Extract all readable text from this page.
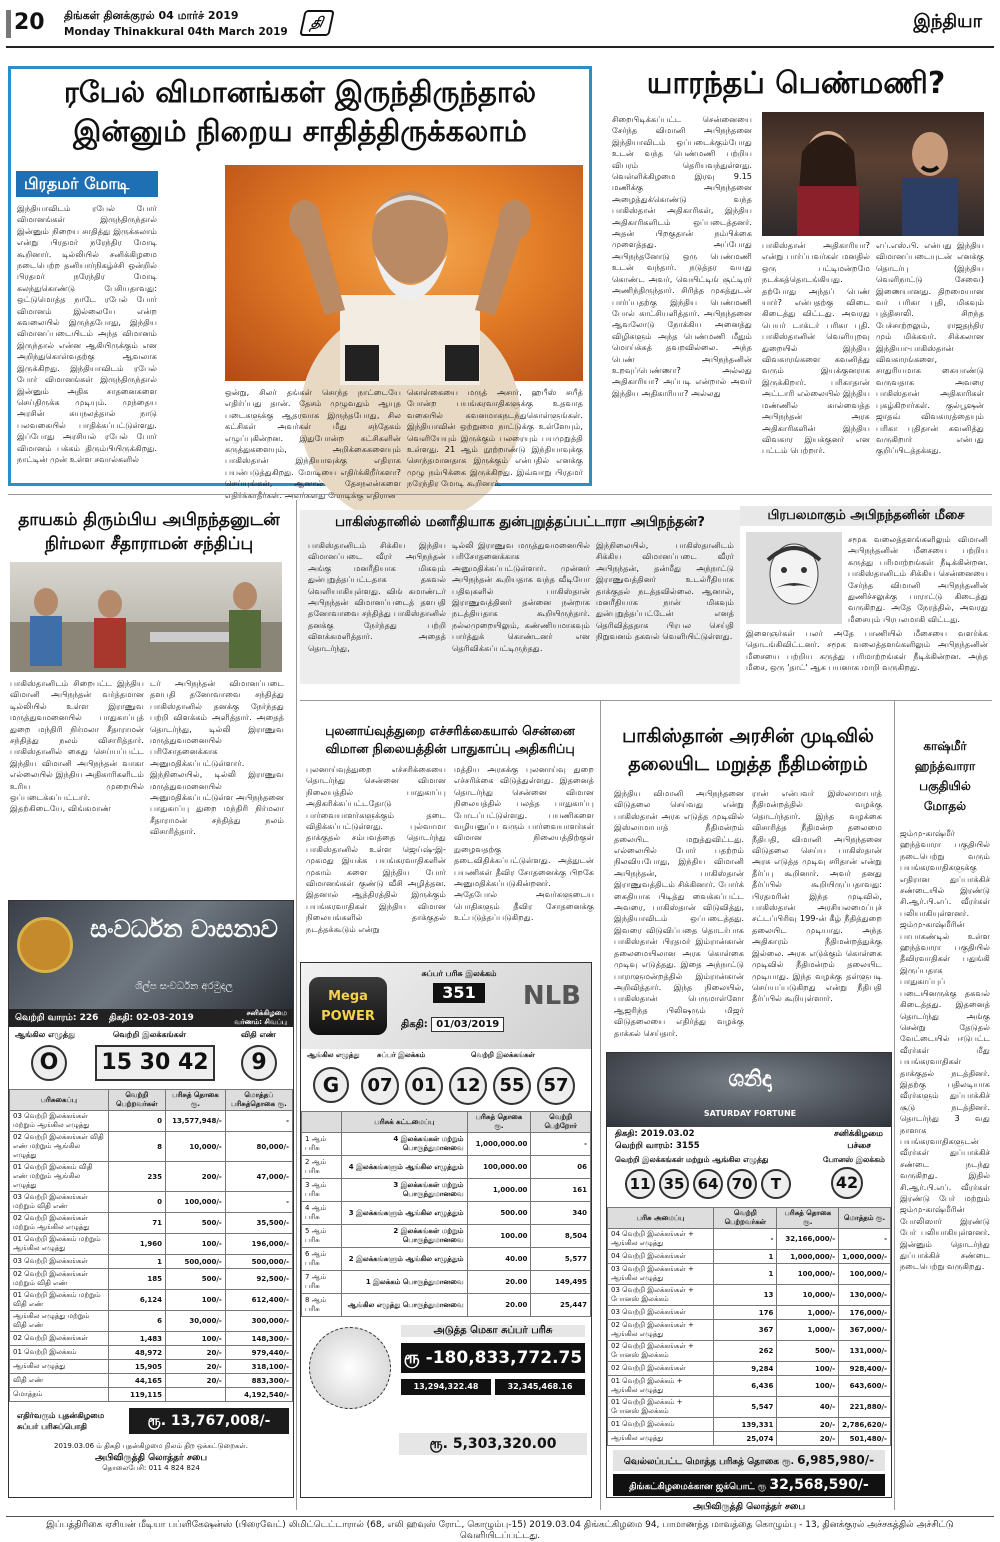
20 திங்கள் தினக்குரல் 04 மார்ச் 2019
Monday Thinakkural 04th March 2019
தி	இந்தியா
ரபேல் விமானங்கள் இருந்திருந்தால்
இன்னும் நிறைய சாதித்திருக்கலாம்
பிரதமர் மோடி
இந்தியாவிடம் ரபேல் போர் விமானங்கள் இருந்திருந்தால் இன்னும் நிறைய சாதித்து இருக்கலாம் என்று பிரதமர் நரேந்திர மோடி கூறினார். டில்லியில் சனிக்கிழமை நடைபெற்ற தனியார்நிகழ்ச்சி ஒன்றில் பிரதமர் நரேந்திர மோடி கலந்துகொண்டு பேசியதாவது: ஒட்டுமொத்த நாடே ரபேல் போர் விமானம் இல்லையே என்ற கவலையில் இருந்தபோது, இந்திய விமானப்படையிடம் அந்த விமானம் இருந்தால் என்ன ஆகியிருக்கும் என அறிந்துகொள்வதற்கு ஆவலாக இருக்கிறது. இந்தியாவிடம் ரபேல் போர் விமானங்கள் இருந்திருந்தால் இன்னும் அதிக சாதனைகளை செய்திருக்க முடியும். முந்தைய அரசின் சுயநலத்தால் நாடு பலவகையில் பாதிக்கப்பட்டுள்ளது. இப்போது அரசியல் ரபேல் போர் விமானம் பக்கம் திரும்பியிருக்கிறது. நாட்டின் முன் உள்ள சவால்களில்
ஒன்று, சிலர் தங்கள் சொந்த நாட்டையே எதிர்ப்பது தான். தேசம் முழுவதும் ஆயுத படைகளுக்கு ஆதரவாக இருந்தபோது, சில கட்சிகள் அவர்கள் மீது சந்தேகம் எழுப்புகின்றன. இதுபோன்ற கட்சிகளின் கருத்துகளையும், அறிக்கைகளையும் பாகிஸ்தான் இந்தியாவுக்கு எதிராக பயன்படுத்துகிறது. மோடியை எதிர்க்கிறீர்களா? செய்யுங்கள், ஆனால் தேசநலன்களை
கொள்கையை மருத் அசார், ஹபீஸ் சயீத் போன்ற பயங்கரவாதிகளுக்கு உதவாத வகையில் கவனமாகநடந்துகொள்ளுங்கள். இந்தியாவின் ஒற்றுமை நாட்டுக்கு உள்ளேயும், வெளியேயும் இருக்கும் பலரையும் பயமுறுத்தி உள்ளது. 21 ஆம் நூற்றாண்டு இந்தியாவுக்கு சொந்தமானதாக இருக்கும் என்பதில் எனக்கு முழு நம்பிக்கை இருக்கிறது. இவ்வாறு பிரதமர் நரேந்திர மோடி கூறினார்.
யாரந்தப் பெண்மணி?
சிறைபிடிக்கப்பட்ட சென்னையை சேர்ந்த விமானி அபிநந்தனை இந்தியாவிடம் ஒப்படைக்கும்போது உடன் வந்த பெண்மணி பற்றிய விபரம் தெரியவந்துள்ளது. வெள்ளிக்கிழமை இரவு 9.15 மணிக்கு அபிநந்தனை அழைத்துக்கொண்டு வந்த பாகிஸ்தான் அதிகாரிகள், இந்திய அதிகாரிகளிடம் ஒப்படைத்தனர். அதன் பிறகுதான் நம்பிக்கை முளைத்தது. அப்போது அபிநந்தனோடு ஒரு பெண்மணி உடன் வந்தார். நடுத்தர வயது கொண்ட அவர், வெயிட்டிங் சூட்டிரர் அணிந்திருந்தார். சிரித்த முகத்துடன் பார்ப்பதற்கு இந்திய பெண்மணி போல் காட்சியளித்தார். அபிநந்தனை ஆவலோடு நோக்கிய அனைத்து விழிகளும் அந்த பெண்மணி மீதும் மொய்க்கத் தவறவில்லை. அந்த பெண் அபிநந்தனின் உறவுப்பெண்ணா? அல்லது அதிகாரியா? அப்படி என்றால் அவர் இந்திய அதிகாரியா? அல்லது
பாகிஸ்தான் அதிகாரியா? என்று பார்ப்பவர்கள் மனதில் ஒரு பட்டிமன்றமே நடக்கத்தொடங்கியது. தற்போது அந்தப் பெண் யார்? என்பதற்கு விடை கிடைத்து விட்டது. அவரது பெயர் டாக்டர் பரிகா புதி. பாகிஸ்தானின் வெளியுறவு துறையில் இந்திய விவகாரங்களை கவனித்து வரும் இயக்குனராக இருக்கிறார். பரிகாதான் அட்டாரி எல்லையில் இந்திய மண்ணில் கால்வைத்த அபிநந்தன் அரசு அதிகாரிகளின் இந்திய விவகார இயக்குனர் என பட்டம் பெற்றார்.
எப்.எஸ்.பி. என்பது இந்திய விமானப்படையுடன் எனக்கு தொடர்பு (இந்திய வெளிநாட்டு சேவை) இணையானது. திறமையான வர் பரிகா புதி, மிகவும் புத்திசாலி. சிறந்த பேச்சாற்றலும், ராஜதந்திர மும் மிக்கவர். சிக்கலான இந்தியா-பாகிஸ்தான் விவகாரங்களை, சாதுரியமாக கையாண்டு வருவதாக அவரை பாகிஸ்தான் அதிகாரிகள் புகழ்கிறார்கள். குல்பூஷன் ஜாதவ் விவகாரத்தையும் பரிகா புதிதான் கவனித்து வருகிறார் என்பது குறிப்பிடத்தக்கது.
தாயகம் திரும்பிய அபிநந்தனுடன்
நிர்மலா சீதாராமன் சந்திப்பு
பாகிஸ்தானிடம் சிறைபட்ட இந்திய விமானி அபிநந்தன் வர்த்தமான டில்லியில் உள்ள இராணுவ மருத்துவமனையில் பாதுகாப்புத் துறை மந்திரி நிர்மலா சீதாராமன் சந்தித்து நலம் விசாரித்தார். பாகிஸ்தானில் கைது செய்யப்பட்ட இந்திய விமானி அபிநந்தன் வாகா எல்லையில் இந்திய அதிகாரிகளிடம் உரிய முறையில் ஒப்படைக்கப்பட்டார். இதற்கிடையே, விங்கமாண்
டர் அபிநந்தன் விமானப்படை தளபதி தனோவாவை சந்தித்து பாகிஸ்தானில் தனக்கு நேர்ந்தது பற்றி விளக்கம் அளித்தார். அதைத் தொடர்ந்து, டில்லி இராணுவ மருத்துவமனையில் பரிசோதனைக்காக அனுமதிக்கப்பட்டுள்ளார். இந்நிலையில், டில்லி இராணுவ மருத்துவமனையில் அனுமதிக்கப்பட்டுள்ள அபிநந்தனை பாதுகாப்பு துறை மந்திரி நிர்மலா சீதாராமன் சந்தித்து நலம் விசாரித்தார்.
பாகிஸ்தானில் மனரீதியாக துன்புறுத்தப்பட்டாரா அபிநந்தன்?
பாகிஸ்தானிடம் சிக்கிய இந்திய விமானப்படை வீரர் அபிநந்தன் அங்கு மனரீதியாக மிகவும் துன்புறுத்தப்பட்டதாக தகவல் வெளியாகியுள்ளது. விங் கமாண்டர் அபிநந்தன் விமானப்படைத் தளபதி தனோவாவை சந்தித்து பாகிஸ்தானில் தனக்கு நேர்ந்தது பற்றி விளக்கமளித்தார். அதைத் தொடர்ந்து,
டில்லி இராணுவ மருத்துவமனையில் பரிசோதனைக்காக அனுமதிக்கப்பட்டுள்ளார். முன்னர் அபிநந்தன் கூறியதாக வந்த வீடியோ பதிவுகளில் பாகிஸ்தான் இராணுவத்தினர் தன்னை நன்றாக நடத்தியதாக கூறியிருந்தார். நல்லமுறையிலும், கண்ணியமாகவும் பார்த்துக் கொண்டனர் என தெரிவிக்கப்பட்டிருந்தது.
இந்நிலையில், பாகிஸ்தானிடம் சிக்கிய விமானப்படை வீரர் அபிநந்தன், தன்மீது அந்நாட்டு இராணுவத்தினர் உடல்ரீதியாக தாக்குதல் நடத்தவில்லை. ஆனால், மனரீதியாக நான் மிகவும் துன்புறுத்தப்பட்டேன் எனத் தெரிவித்ததாக பிரபல செய்தி நிறுவனம் தகவல் வெளியிட்டுள்ளது.
பிரபலமாகும் அபிநந்தனின் மீசை
சமூக வலைத்தளங்களிலும் விமானி அபிநந்தனின் மீசையை பற்றிய கருத்து பரிமாற்றங்கள் நீடிக்கின்றன. பாகிஸ்தானிடம் சிக்கிய சென்னையை சேர்ந்த விமானி அபிநந்தனின் துணிச்சலுக்கு பாராட்டு கிடைத்து வருகிறது. அதே நேரத்தில், அவரது மீசையும் பிரபலமாகி விட்டது.
இளைஞர்கள் பலர் அதே பாணியில் மீசையை வளர்க்க தொடங்கிவிட்டனர். சமூக வலைத்தளங்களிலும் அபிநந்தனின் மீசையை பற்றிய கருத்து பரிமாற்றங்கள் நீடிக்கின்றன. அந்த மீசை, ஒரு 'தாட்' ஆக பயனாக மாறி வருகிறது.
புலனாய்வுத்துறை எச்சரிக்கையால் சென்னை
விமான நிலையத்தின் பாதுகாப்பு அதிகரிப்பு
புலனாய்வுத்துறை எச்சரிக்கையை தொடர்ந்து சென்னை விமான நிலையத்தில் பாதுகாப்பு அதிகரிக்கப்பட்டதோடு பார்வையாளர்களுக்கும் தடை விதிக்கப்பட்டுள்ளது. புல்வாமா தாக்குதல் சம்பவத்தை தொடர்ந்து பாகிஸ்தானில் உள்ள ஜெய்ஷ்-இ-முகமது இயக்க பயங்கரவாதிகளின் முகாம் களை இந்திய போர் விமானங்கள் குண்டு வீசி அழித்தன. இதனால் ஆத்திரத்தில் இருக்கும் பயங்கரவாதிகள் இந்திய விமான நிலையங்களில் தாக்குதல் நடத்தக்கூடும் என்று
மத்திய அரசுக்கு புலனாய்வு துறை எச்சரிக்கை விடுத்துள்ளது. இதனைத் தொடர்ந்து சென்னை விமான நிலையத்தில் பலத்த பாதுகாப்பு போடப்பட்டுள்ளது. பயணிகளை வழியனுப்ப வரும் பார்வையாளர்கள் விமான நிலையத்திற்குள் நுழைவதற்கு தடைவிதிக்கப்பட்டுள்ளது. அத்துடன் பயணிகள் தீவிர சோதனைக்கு பிறகே அனுமதிக்கப்படுகின்றனர். அதேபோல் அவர்களுடைய பொதிகளும் தீவிர சோதனைக்கு உட்படுத்தப்படுகிறது.
பாகிஸ்தான் அரசின் முடிவில்
தலையிட மறுத்த நீதிமன்றம்
இந்திய விமானி அபிநந்தனை விடுதலை செய்வது என்று பாகிஸ்தான் அரசு எடுத்த முடிவில் இஸ்லாமாபாத் நீதிமன்றம் தலையிட மறுத்துவிட்டது. எல்லையில் போர் பதற்றம் நிலவியபோது, இந்திய விமானி அபிநந்தன், பாகிஸ்தான் இராணுவத்திடம் சிக்கினார். போர்க் கைதியாக பிடித்து வைக்கப்பட்ட அவரை, பாகிஸ்தான் விடுவித்து, இந்தியாவிடம் ஒப்படைத்தது. இவரை விடுவிப்பதை தொடர்பாக பாகிஸ்தான் பிரதமர் இம்ரான்கான் தலைமையிலான அரசு கொள்கை முடிவு எடுத்தது. இதை அந்நாட்டு பாராளுமன்றத்தில் இம்ரான்கான் அறிவித்தார். இந்த நிலையில், பாகிஸ்தான் பெருமாள்ளோ ஆஜரிந்த பிலிஷரும் மிஜர் விடுதலையை எதிர்த்து வழக்கு தாக்கல் செய்தார்.
ரான் என்பவர் இஸ்லாமாபாத் நீதிமன்றத்தில் வழக்கு தொடர்ந்தார். இந்த வழக்கை விசாரித்த நீதிமன்ற தலைமை நீதிபதி, விமானி அபிநந்தனை விடுதலை செய்ய பாகிஸ்தான் அரசு எடுத்த முடிவு சரிதான் என்று தீர்ப்பு கூறினார். அவர் தனது தீர்ப்பில் கூறியிருப்பதாவது: பிரதமரின் இந்த முடிவில், பாகிஸ்தான் அரசியலமைப்புச் சட்டப்பிரிவு 199-ன் கீழ் நீதித்துறை தலையிட முடியாது. அந்த அதிகாரம் நீதிமன்றத்துக்கு இல்லை. அரசு எடுக்கும் கொள்கை முடிவில் நீதிமன்றம் தலையிட முடியாது. இந்த வழக்கு தள்ளுபடி செய்யப்படுகிறது என்று நீதிபதி தீர்ப்பில் கூறியுள்ளார்.
காஷ்மீர்
ஹந்த்வாரா
பகுதியில்
மோதல்
ஜம்மு-காஷ்மீர் ஹந்த்வாரா பகுதியில் நடைபெற்று வரும் பயங்கரவாதிகளுக்கு எதிரான துப்பாக்கிச் சண்டையில் இரண்டு சி.ஆர்.பி.எப். வீரர்கள் பலியாகியுள்ளனர். ஜம்மு-காஷ்மீரின் பாபாகண்டில் உள்ள ஹந்த்வாரா பகுதியில் தீவிரவாதிகள் பதுங்கி இருப்பதாக பாதுகாப்புப் படையினருக்கு தகவல் கிடைத்தது. இதனைத் தொடர்ந்து அங்கு சென்று தேடுதல் வேட்டையில் ஈடுபட்ட வீரர்கள் மீது பயங்கரவாதிகள் தாக்குதல் நடத்தினர். இதற்கு பதிலடியாக வீரர்களும் துப்பாக்கிச் சூடு நடத்தினர். தொடர்ந்து 3 வது நாளாக பயங்கரவாதிகளுடன் வீரர்கள் துப்பாக்கிச் சண்டை நடந்து வருகிறது. இதில் சி.ஆர்.பி.எப். வீரர்கள் இரண்டு பேர் மற்றும் ஜம்மு-காஷ்மீரின் போலிஸார் இரண்டு பேர் பலியாகியுள்ளனர். இன்னும் தொடர்ந்து துப்பாக்கிச் சண்டை நடைபெற்று வருகிறது.
සංවර්ධන වාසනාව
ශිල්ප සංවර්ධන අරමුදල
வெற்றி வாரம்: 226 திகதி: 02-03-2019	சனிக்கிழமை
வர்ணம்: சிவப்பு
ஆங்கில எழுத்து	வெற்றி இலக்கங்கள்	விதி எண்
O	15 30 42	9
பரிசுகைப்பு	வெற்றி பெற்றவர்கள்	பரிசுத் தொகை ரூ.	மொத்தப் பரிசுத்தொகை ரூ.
03 வெற்றி இலக்கங்கள் மற்றும் ஆங்கில எழுத்து	0	13,577,948/-	-
02 வெற்றி இலக்கங்கள் விதி எண் மற்றும் ஆங்கில எழுத்து	8	10,000/-	80,000/-
01 வெற்றி இலக்கம் விதி எண் மற்றும் ஆங்கில எழுத்து	235	200/-	47,000/-
03 வெற்றி இலக்கங்கள் மற்றும் விதி எண்	0	100,000/-	-
02 வெற்றி இலக்கங்கள் மற்றும் ஆங்கில எழுத்து	71	500/-	35,500/-
01 வெற்றி இலக்கம் மற்றும் ஆங்கில எழுத்து	1,960	100/-	196,000/-
03 வெற்றி இலக்கங்கள்	1	500,000/-	500,000/-
02 வெற்றி இலக்கங்கள் மற்றும் விதி எண்	185	500/-	92,500/-
01 வெற்றி இலக்கம் மற்றும் விதி எண்	6,124	100/-	612,400/-
ஆங்கில எழுத்து மற்றும் விதி எண்	6	30,000/-	300,000/-
02 வெற்றி இலக்கங்கள்	1,483	100/-	148,300/-
01 வெற்றி இலக்கம்	48,972	20/-	979,440/-
ஆங்கில எழுத்து	15,905	20/-	318,100/-
விதி எண்	44,165	20/-	883,300/-
மொத்தம்	119,115		4,192,540/-
எதிர்வரும் புதன்கிழமை
சுப்பர் பரிசுப்பொதி	ரூ. 13,767,008/-
2019.03.06 ம் திகதி புதன்கிழமை நிலம் திற ஒக்கட்டுறைகள்.
அபிவிருத்தி லொத்தர் சபை
தொலைபேசி: 011 4 824 824
Mega POWER
சுப்பர் பரிசு இலக்கம்
351
திகதி: 01/03/2019
NLB
ஆங்கில எழுத்து சுப்பர் இலக்கம்	வெற்றி இலக்கங்கள்
G	07	01	12	55	57
	பரிசுக் கட்டமைப்பு	பரிசுத் தொகை ரூ.	வெற்றி பெற்றோர்
1 ஆம் பரிசு	4 இலக்கங்கள் மற்றும் பொருந்துமானவை	1,000,000.00	-
2 ஆம் பரிசு	4 இலக்கங்களும் ஆங்கில எழுத்தும்	100,000.00	06
3 ஆம் பரிசு	3 இலக்கங்கள் மற்றும் பொருந்துமானவை	1,000.00	161
4 ஆம் பரிசு	3 இலக்கங்களும் ஆங்கில எழுத்தும்	500.00	340
5 ஆம் பரிசு	2 இலக்கங்கள் மற்றும் பொருந்துமானவை	100.00	8,504
6 ஆம் பரிசு	2 இலக்கங்களும் ஆங்கில எழுத்தும்	40.00	5,577
7 ஆம் பரிசு	1 இலக்கம் பொருந்துமானவை	20.00	149,495
8 ஆம் பரிசு	ஆங்கில எழுத்து பொருந்துமானவை	20.00	25,447
அடுத்த மெகா சுப்பர் பரிசு
ரூ -180,833,772.75
13,294,322.48	32,345,468.16
ரூ. 5,303,320.00
ශනිදා
SATURDAY FORTUNE
திகதி: 2019.03.02
வெற்றி வாரம்: 3155
சனிக்கிழமை
பச்சை
வெற்றி இலக்கங்கள் மற்றும் ஆங்கில எழுத்து	போனஸ் இலக்கம்
11 35 64 70	T	42
பரிசு அமைப்பு	வெற்றி பெற்றவர்கள்	பரிசுத் தொகை ரூ.	மொத்தம் ரூ.
04 வெற்றி இலக்கங்கள் + ஆங்கில எழுத்து	-	32,166,000/-	-
04 வெற்றி இலக்கங்கள்	1	1,000,000/-	1,000,000/-
03 வெற்றி இலக்கங்கள் + ஆங்கில எழுத்து	1	100,000/-	100,000/-
03 வெற்றி இலக்கங்கள் + போனஸ் இலக்கம்	13	10,000/-	130,000/-
03 வெற்றி இலக்கங்கள்	176	1,000/-	176,000/-
02 வெற்றி இலக்கங்கள் + ஆங்கில எழுத்து	367	1,000/-	367,000/-
02 வெற்றி இலக்கங்கள் + போனஸ் இலக்கம்	262	500/-	131,000/-
02 வெற்றி இலக்கங்கள்	9,284	100/-	928,400/-
01 வெற்றி இலக்கம் + ஆங்கில எழுத்து	6,436	100/-	643,600/-
01 வெற்றி இலக்கம் + போனஸ் இலக்கம்	5,547	40/-	221,880/-
01 வெற்றி இலக்கம்	139,331	20/-	2,786,620/-
ஆங்கில எழுத்து	25,074	20/-	501,480/-
வெல்லப்பட்ட மொத்த பரிசுத் தொகை ரூ. 6,985,980/-
திங்கட்கிழமைக்கான ஜக்பொட் ரூ 32,568,590/-
அபிவிருத்தி லொத்தர் சபை
இப்பத்திரிகை ஏசியன் மீடியா பப்ளிகேஷன்ஸ் (பிரைவேட்) லிமிட்டெட்டாரால் (68, எலி ஹவுஸ் ரோட், கொழும்பு-15) 2019.03.04 திங்கட்கிழமை 94, பாமாணந்த மாவத்தை கொழும்பு - 13, தினக்குரல் அச்சகத்தில் அச்சிட்டு வெளியிடப்பட்டது.
